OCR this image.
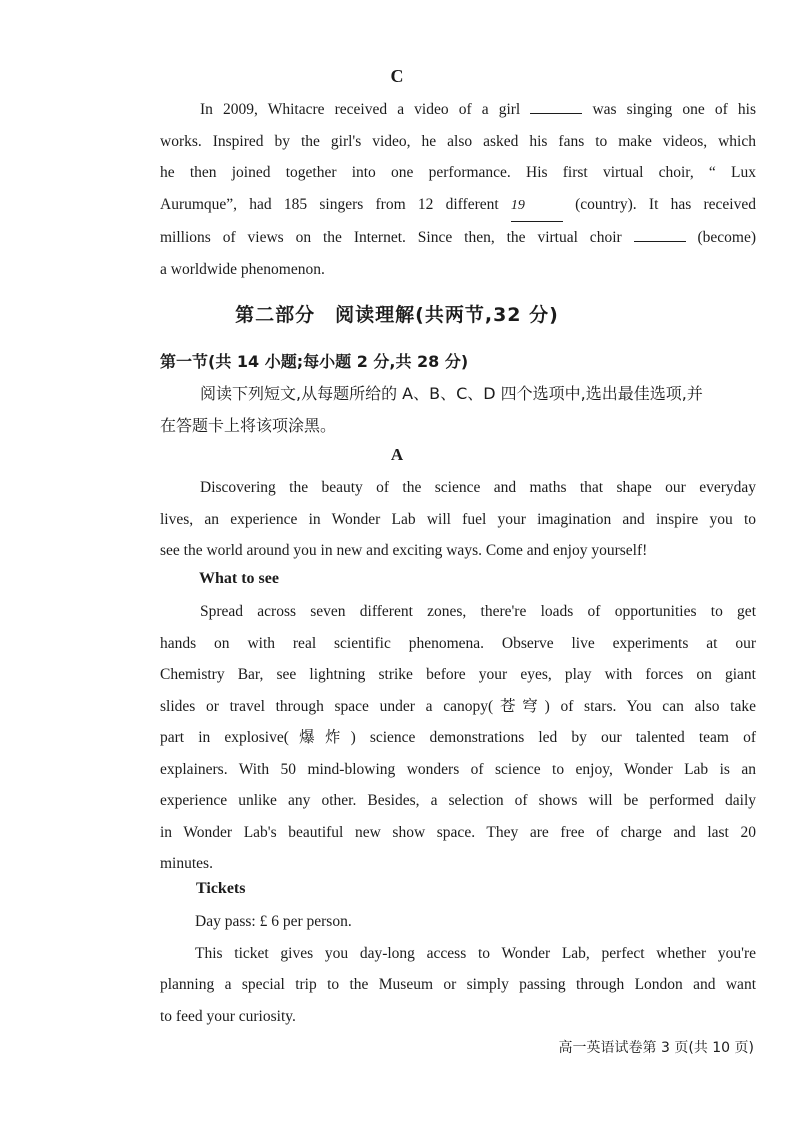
C
In 2009, Whitacre received a video of a girl	was singing one of his
works. Inspired by the girl's video, he also asked his fans to make videos, which
he then joined together into one performance. His first virtual choir, “ Lux
Aurumque”, had 185 singers from 12 different 19 (country). It has received
millions of views on the Internet. Since then, the virtual choir	(become)
a worldwide phenomenon.
第二部分　阅读理解(共两节,32 分)
第一节(共 14 小题;每小题 2 分,共 28 分)
阅读下列短文,从每题所给的 A、B、C、D 四个选项中,选出最佳选项,并
在答题卡上将该项涂黑。
A
Discovering the beauty of the science and maths that shape our everyday
lives, an experience in Wonder Lab will fuel your imagination and inspire you to
see the world around you in new and exciting ways. Come and enjoy yourself!
What to see
Spread across seven different zones, there're loads of opportunities to get
hands on with real scientific phenomena. Observe live experiments at our
Chemistry Bar, see lightning strike before your eyes, play with forces on giant
slides or travel through space under a canopy(苍穹) of stars. You can also take
part in explosive(爆炸) science demonstrations led by our talented team of
explainers. With 50 mind-blowing wonders of science to enjoy, Wonder Lab is an
experience unlike any other. Besides, a selection of shows will be performed daily
in Wonder Lab's beautiful new show space. They are free of charge and last 20
minutes.
Tickets
Day pass: £ 6 per person.
This ticket gives you day-long access to Wonder Lab, perfect whether you're
planning a special trip to the Museum or simply passing through London and want
to feed your curiosity.
高一英语试卷第 3 页(共 10 页)
